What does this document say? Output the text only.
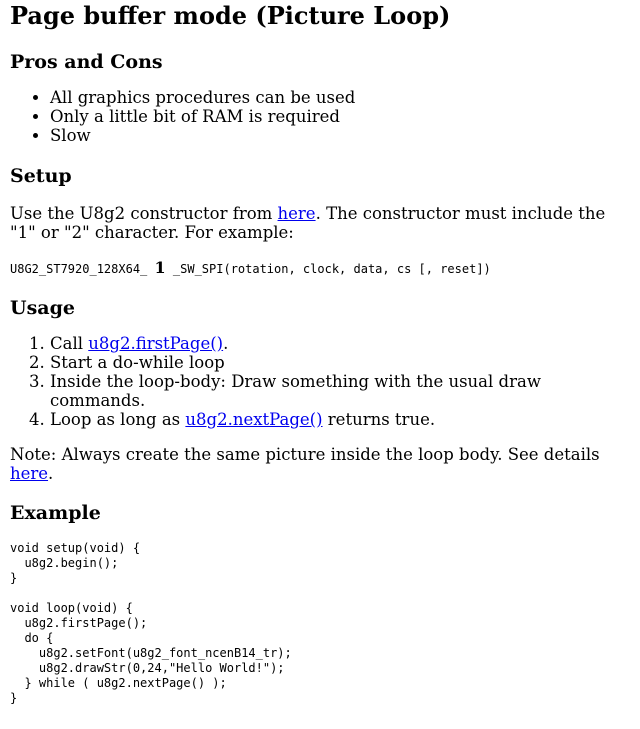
Page buffer mode (Picture Loop)
Pros and Cons
• All graphics procedures can be used
• Only a little bit of RAM is required
• Slow
Setup

Use the U8g2 constructor from here. The constructor must include the "1" or "2" character. For example:

U8G2_ST7920_128X64_ 1 _SW_SPI(rotation, clock, data, cs [, reset])
Usage
1. Call u8g2.firstPage().
2. Start a do-while loop
3. Inside the loop-body: Draw something with the usual draw commands.
4. Loop as long as u8g2.nextPage() returns true.

Note: Always create the same picture inside the loop body. See details here.

Example
void setup(void) {
u8g2.begin();
}

void loop(void) {
u8g2.firstPage();
do {
u8g2.setFont(u8g2_font_ncenB14_tr);
u8g2.drawStr(0,24,"Hello World!");
} while ( u8g2.nextPage() );
}
